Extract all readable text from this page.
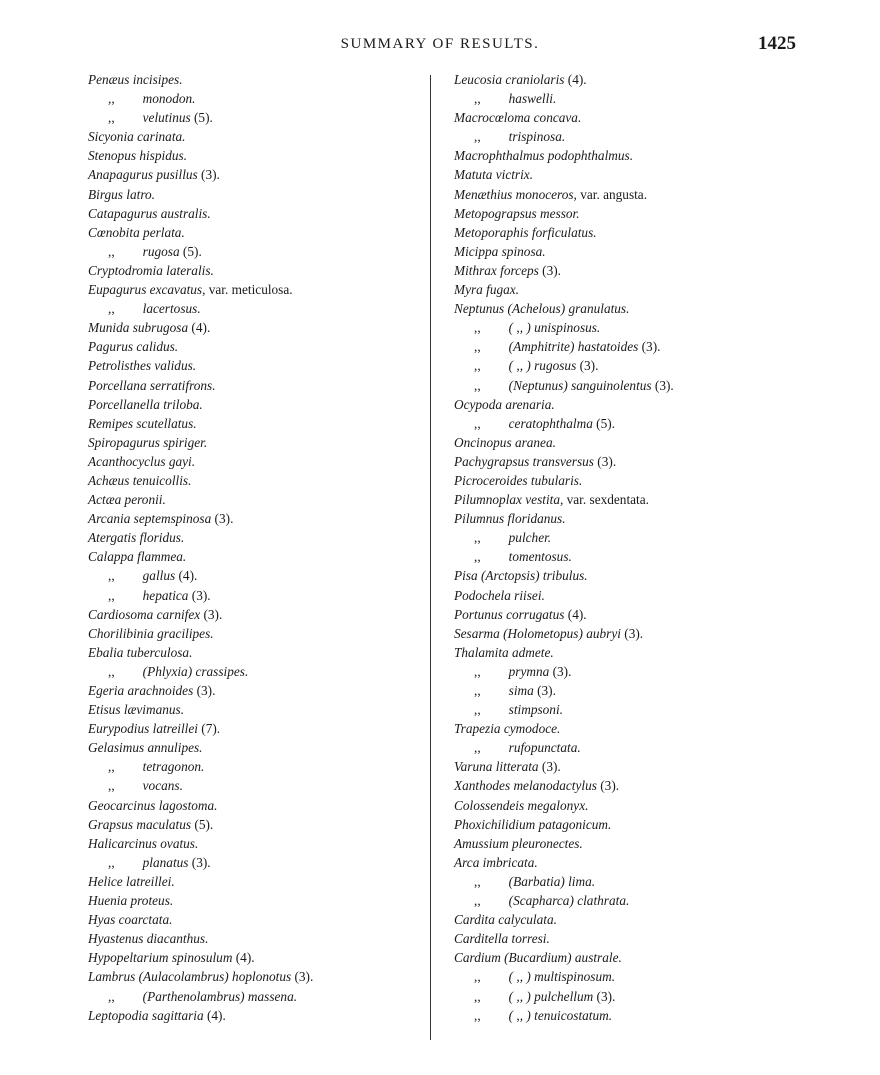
SUMMARY OF RESULTS.	1425
Penæus incisipes.
,, monodon.
,, velutinus (5).
Sicyonia carinata.
Stenopus hispidus.
Anapagurus pusillus (3).
Birgus latro.
Catapagurus australis.
Cœnobita perlata.
,, rugosa (5).
Cryptodromia lateralis.
Eupagurus excavatus, var. meticulosa.
,, lacertosus.
Munida subrugosa (4).
Pagurus calidus.
Petrolisthes validus.
Porcellana serratifrons.
Porcellanella triloba.
Remipes scutellatus.
Spiropagurus spiriger.
Acanthocyclus gayi.
Achæus tenuicollis.
Actæa peronii.
Arcania septemspinosa (3).
Atergatis floridus.
Calappa flammea.
,, gallus (4).
,, hepatica (3).
Cardiosoma carnifex (3).
Chorilibinia gracilipes.
Ebalia tuberculosa.
,, (Phlyxia) crassipes.
Egeria arachnoides (3).
Etisus lævimanus.
Eurypodius latreillei (7).
Gelasimus annulipes.
,, tetragonon.
,, vocans.
Geocarcinus lagostoma.
Grapsus maculatus (5).
Halicarcinus ovatus.
,, planatus (3).
Helice latreillei.
Huenia proteus.
Hyas coarctata.
Hyastenus diacanthus.
Hypopeltarium spinosulum (4).
Lambrus (Aulacolambrus) hoplonotus (3).
,, (Parthenolambrus) massena.
Leptopodia sagittaria (4).
Leucosia craniolaris (4).
,, haswelli.
Macrocœloma concava.
,, trispinosa.
Macrophthalmus podophthalmus.
Matuta victrix.
Menæthius monoceros, var. angusta.
Metopograpsus messor.
Metoporaphis forficulatus.
Micippa spinosa.
Mithrax forceps (3).
Myra fugax.
Neptunus (Achelous) granulatus.
,, ( ,, ) unispinosus.
,, (Amphitrite) hastatoides (3).
,, ( ,, ) rugosus (3).
,, (Neptunus) sanguinolentus (3).
Ocypoda arenaria.
,, ceratophthalma (5).
Oncinopus aranea.
Pachygrapsus transversus (3).
Picroceroides tubularis.
Pilumnoplax vestita, var. sexdentata.
Pilumnus floridanus.
,, pulcher.
,, tomentosus.
Pisa (Arctopsis) tribulus.
Podochela riisei.
Portunus corrugatus (4).
Sesarma (Holometopus) aubryi (3).
Thalamita admete.
,, prymna (3).
,, sima (3).
,, stimpsoni.
Trapezia cymodoce.
,, rufopunctata.
Varuna litterata (3).
Xanthodes melanodactylus (3).
Colossendeis megalonyx.
Phoxichilidium patagonicum.
Amussium pleuronectes.
Arca imbricata.
,, (Barbatia) lima.
,, (Scapharca) clathrata.
Cardita calyculata.
Carditella torresi.
Cardium (Bucardium) australe.
,, ( ,, ) multispinosum.
,, ( ,, ) pulchellum (3).
,, ( ,, ) tenuicostatum.
